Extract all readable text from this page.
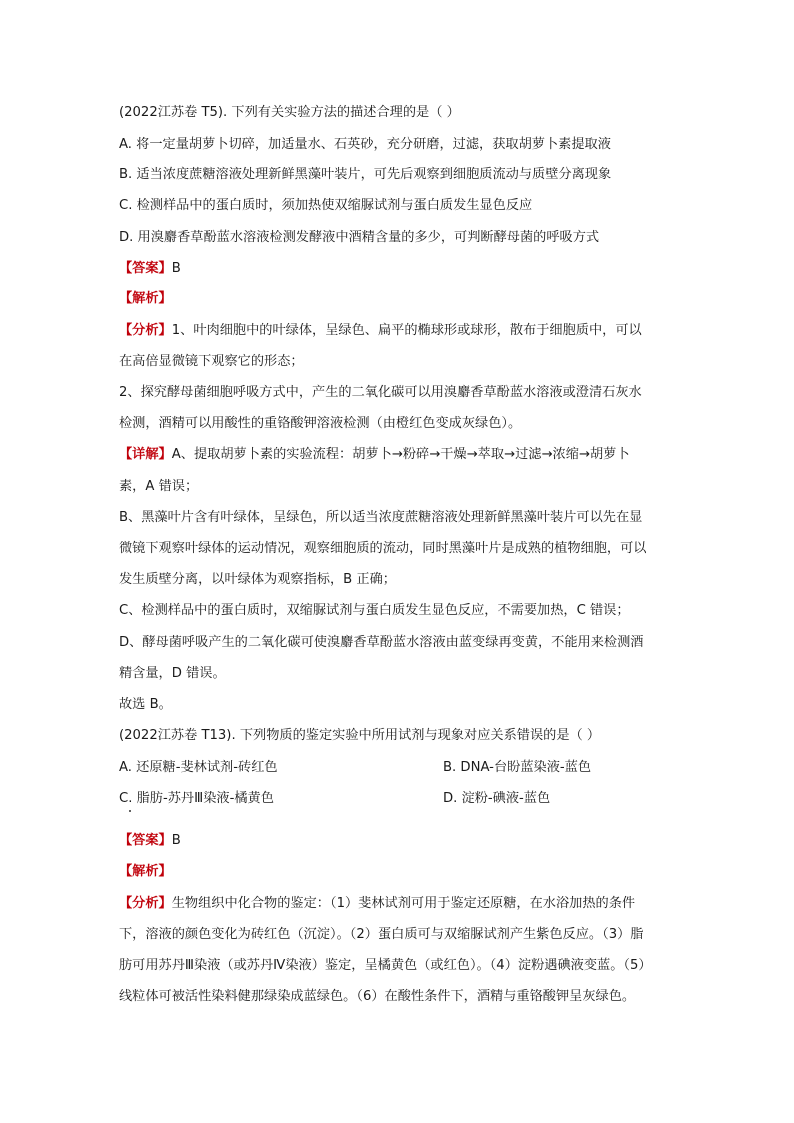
(2022江苏卷 T5). 下列有关实验方法的描述合理的是（ ）
A. 将一定量胡萝卜切碎，加适量水、石英砂，充分研磨，过滤，获取胡萝卜素提取液
B. 适当浓度蔗糖溶液处理新鲜黑藻叶装片，可先后观察到细胞质流动与质壁分离现象
C. 检测样品中的蛋白质时，须加热使双缩脲试剂与蛋白质发生显色反应
D. 用溴麝香草酚蓝水溶液检测发酵液中酒精含量的多少，可判断酵母菌的呼吸方式
【答案】B
【解析】
【分析】1、叶肉细胞中的叶绿体，呈绿色、扁平的椭球形或球形，散布于细胞质中，可以
在高倍显微镜下观察它的形态；
2、探究酵母菌细胞呼吸方式中，产生的二氧化碳可以用溴麝香草酚蓝水溶液或澄清石灰水
检测，酒精可以用酸性的重铬酸钾溶液检测（由橙红色变成灰绿色）。
【详解】A、提取胡萝卜素的实验流程：胡萝卜→粉碎→干燥→萃取→过滤→浓缩→胡萝卜
素，A 错误；
B、黑藻叶片含有叶绿体，呈绿色，所以适当浓度蔗糖溶液处理新鲜黑藻叶装片可以先在显
微镜下观察叶绿体的运动情况，观察细胞质的流动，同时黑藻叶片是成熟的植物细胞，可以
发生质壁分离，以叶绿体为观察指标，B 正确；
C、检测样品中的蛋白质时，双缩脲试剂与蛋白质发生显色反应，不需要加热，C 错误；
D、酵母菌呼吸产生的二氧化碳可使溴麝香草酚蓝水溶液由蓝变绿再变黄，不能用来检测酒
精含量，D 错误。
故选 B。
(2022江苏卷 T13). 下列物质的鉴定实验中所用试剂与现象对应关系错误的是（ ）
A. 还原糖-斐林试剂-砖红色	B. DNA-台盼蓝染液-蓝色
C. 脂肪-苏丹Ⅲ染液-橘黄色	D. 淀粉-碘液-蓝色
【答案】B
【解析】
【分析】生物组织中化合物的鉴定：（1）斐林试剂可用于鉴定还原糖，在水浴加热的条件
下，溶液的颜色变化为砖红色（沉淀）。（2）蛋白质可与双缩脲试剂产生紫色反应。（3）脂
肪可用苏丹Ⅲ染液（或苏丹Ⅳ染液）鉴定，呈橘黄色（或红色）。（4）淀粉遇碘液变蓝。（5）
线粒体可被活性染料健那绿染成蓝绿色。（6）在酸性条件下，酒精与重铬酸钾呈灰绿色。
